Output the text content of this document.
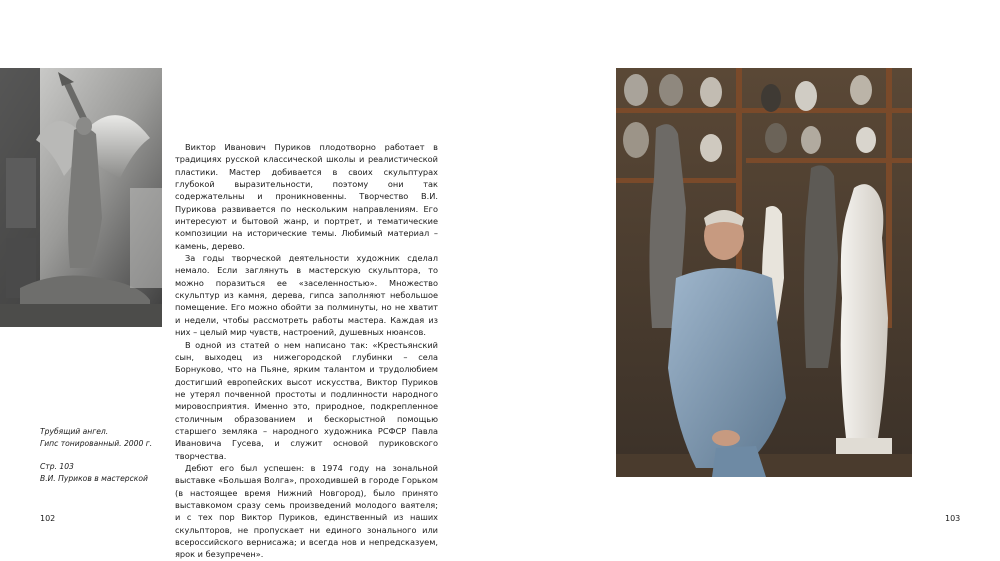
Виктор Иванович Пуриков плодотворно работает в традициях русской классической школы и реалистической пластики. Мастер добивается в своих скульптурах глубокой выразительности, поэтому они так содержательны и проникновенны. Творчество В.И. Пурикова развивается по нескольким направлениям. Его интересуют и бытовой жанр, и портрет, и тематические композиции на исторические темы. Любимый материал – камень, дерево.

За годы творческой деятельности художник сделал немало. Если заглянуть в мастерскую скульптора, то можно поразиться ее «заселенностью». Множество скульптур из камня, дерева, гипса заполняют небольшое помещение. Его можно обойти за полминуты, но не хватит и недели, чтобы рассмотреть работы мастера. Каждая из них – целый мир чувств, настроений, душевных нюансов.

В одной из статей о нем написано так: «Крестьянский сын, выходец из нижегородской глубинки – села Борнуково, что на Пьяне, ярким талантом и трудолюбием достигший европейских высот искусства, Виктор Пуриков не утерял почвенной простоты и подлинности народного мировосприятия. Именно это, природное, подкрепленное столичным образованием и бескорыстной помощью старшего земляка – народного художника РСФСР Павла Ивановича Гусева, и служит основой пуриковского творчества.

Дебют его был успешен: в 1974 году на зональной выставке «Большая Волга», проходившей в городе Горьком (в настоящее время Нижний Новгород), было принято выставкомом сразу семь произведений молодого ваятеля; и с тех пор Виктор Пуриков, единственный из наших скульпторов, не пропускает ни единого зонального или всероссийского вернисажа; и всегда нов и непредсказуем, ярок и безупречен».

Трубящий ангел.

Гипс тонированный. 2000 г.

Стр. 103

В.И. Пуриков в мастерской

102	103
